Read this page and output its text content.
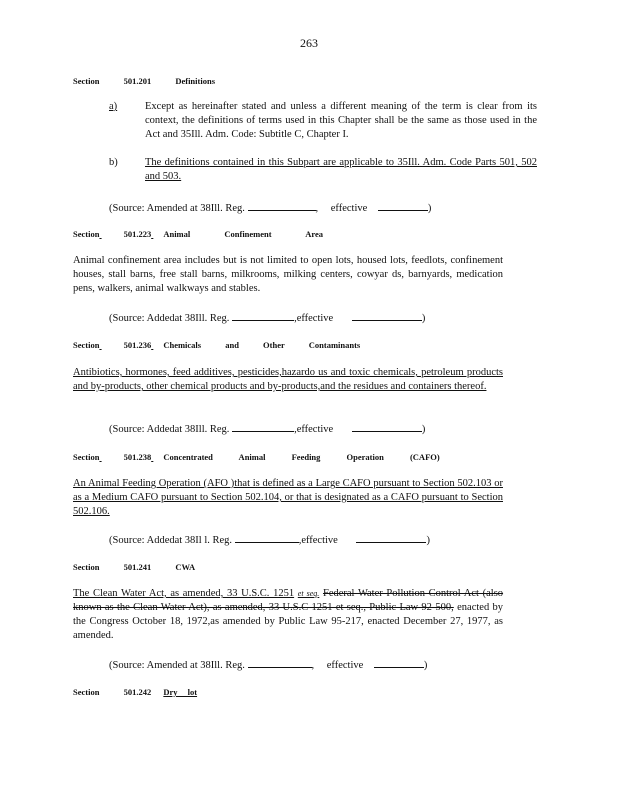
263
Section	501.201	Definitions
a)	Except as hereinafter stated and unless a different meaning of the term is clear from its context, the definitions of terms used in this Chapter shall be the same as those used in the Act and 35Ill. Adm. Code: Subtitle C, Chapter I.

b)	The definitions contained in this Subpart are applicable to 35Ill. Adm. Code Parts 501, 502 and 503.

(Source: Amended at 38Ill. Reg.	, effective	)
Section	501.223 Animal Confinement Area

Animal confinement area includes but is not limited to open lots, housed lots, feedlots, confinement houses, stall barns, free stall barns, milkrooms, milking centers, cowyar ds, barnyards, medication pens, walkers, animal walkways and stables.

(Source: Addedat 38Ill. Reg.	,effective	)
Section	501.236 Chemicals and Other Contaminants

Antibiotics, hormones, feed additives, pesticides,hazardo us and toxic chemicals, petroleum products and by-products, other chemical products and by-products,and the residues and containers thereof.

(Source: Addedat 38Ill. Reg.	,effective	)
Section	501.238 Concentrated Animal Feeding Operation (CAFO)

An Animal Feeding Operation (AFO )that is defined as a Large CAFO pursuant to Section 502.103 or as a Medium CAFO pursuant to Section 502.104, or that is designated as a CAFO pursuant to Section 502.106.

(Source: Addedat 38Il l. Reg.	,effective	)
Section	501.241	CWA

The Clean Water Act, as amended, 33 U.S.C. 1251 et seq. Federal Water Pollution Control Act (also known as the Clean Water Act), as amended, 33 U.S.C 1251 et seq., Public Law 92-500, enacted by the Congress October 18, 1972,as amended by Public Law 95-217, enacted December 27, 1977, as amended.

(Source: Amended at 38Ill. Reg.	, effective	)
Section	501.242 Dry lot
